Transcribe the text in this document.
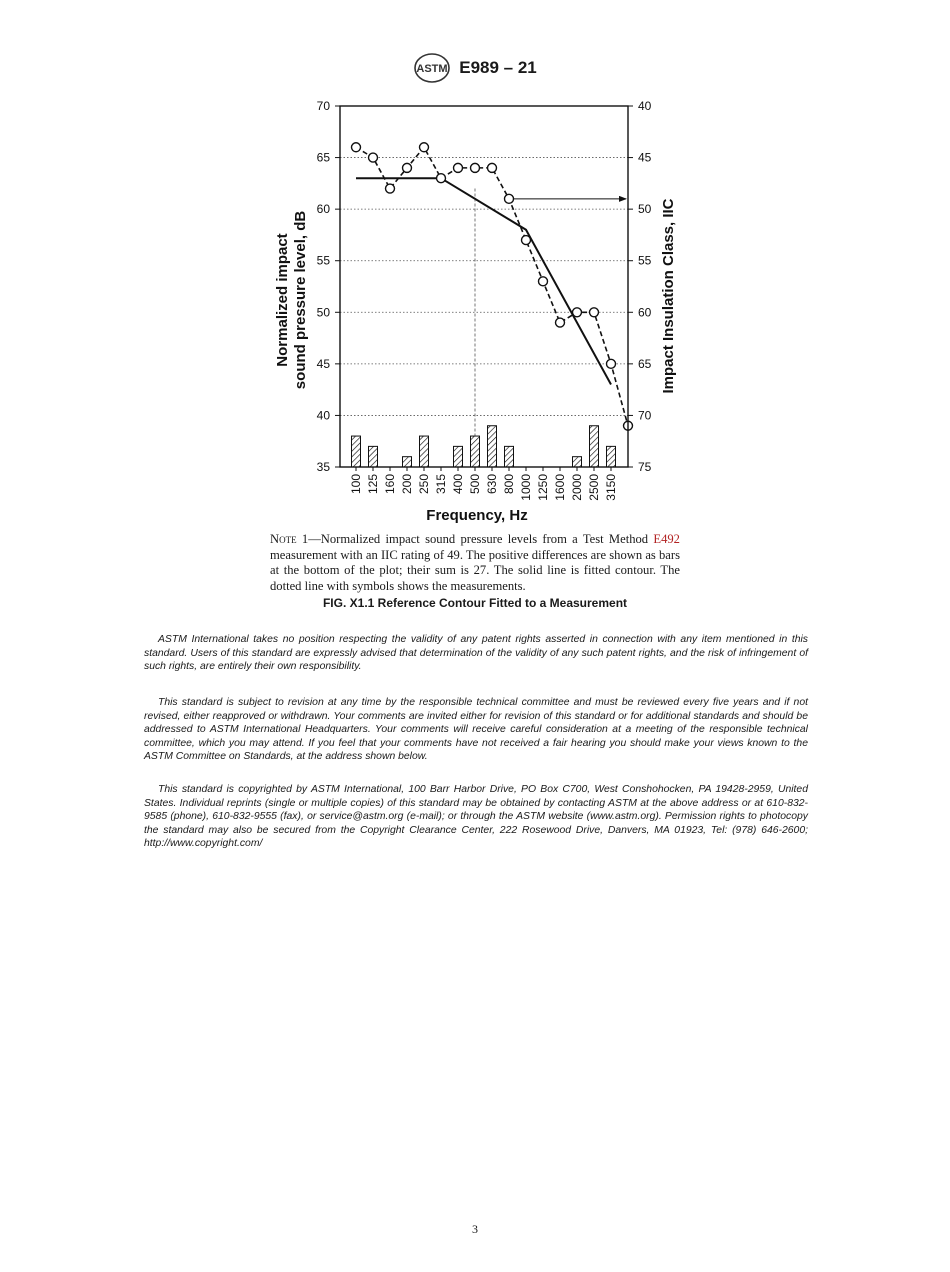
ASTM E989 – 21
35
40
45
50
55
60
65
70	40
45
50
55
60
65
70
75
100 125 160 200 250 315 400 500 630 800 1000 1250 1600 2000 2500 3150
Normalized impact sound pressure level, dB	Impact Insulation Class, IIC
Frequency, Hz
Note 1—Normalized impact sound pressure levels from a Test Method E492 measurement with an IIC rating of 49. The positive differences are shown as bars at the bottom of the plot; their sum is 27. The solid line is fitted contour. The dotted line with symbols shows the measurements.
FIG. X1.1 Reference Contour Fitted to a Measurement

ASTM International takes no position respecting the validity of any patent rights asserted in connection with any item mentioned in this standard. Users of this standard are expressly advised that determination of the validity of any such patent rights, and the risk of infringement of such rights, are entirely their own responsibility.

This standard is subject to revision at any time by the responsible technical committee and must be reviewed every five years and if not revised, either reapproved or withdrawn. Your comments are invited either for revision of this standard or for additional standards and should be addressed to ASTM International Headquarters. Your comments will receive careful consideration at a meeting of the responsible technical committee, which you may attend. If you feel that your comments have not received a fair hearing you should make your views known to the ASTM Committee on Standards, at the address shown below.

This standard is copyrighted by ASTM International, 100 Barr Harbor Drive, PO Box C700, West Conshohocken, PA 19428-2959, United States. Individual reprints (single or multiple copies) of this standard may be obtained by contacting ASTM at the above address or at 610-832-9585 (phone), 610-832-9555 (fax), or service@astm.org (e-mail); or through the ASTM website (www.astm.org). Permission rights to photocopy the standard may also be secured from the Copyright Clearance Center, 222 Rosewood Drive, Danvers, MA 01923, Tel: (978) 646-2600; http://www.copyright.com/

3
